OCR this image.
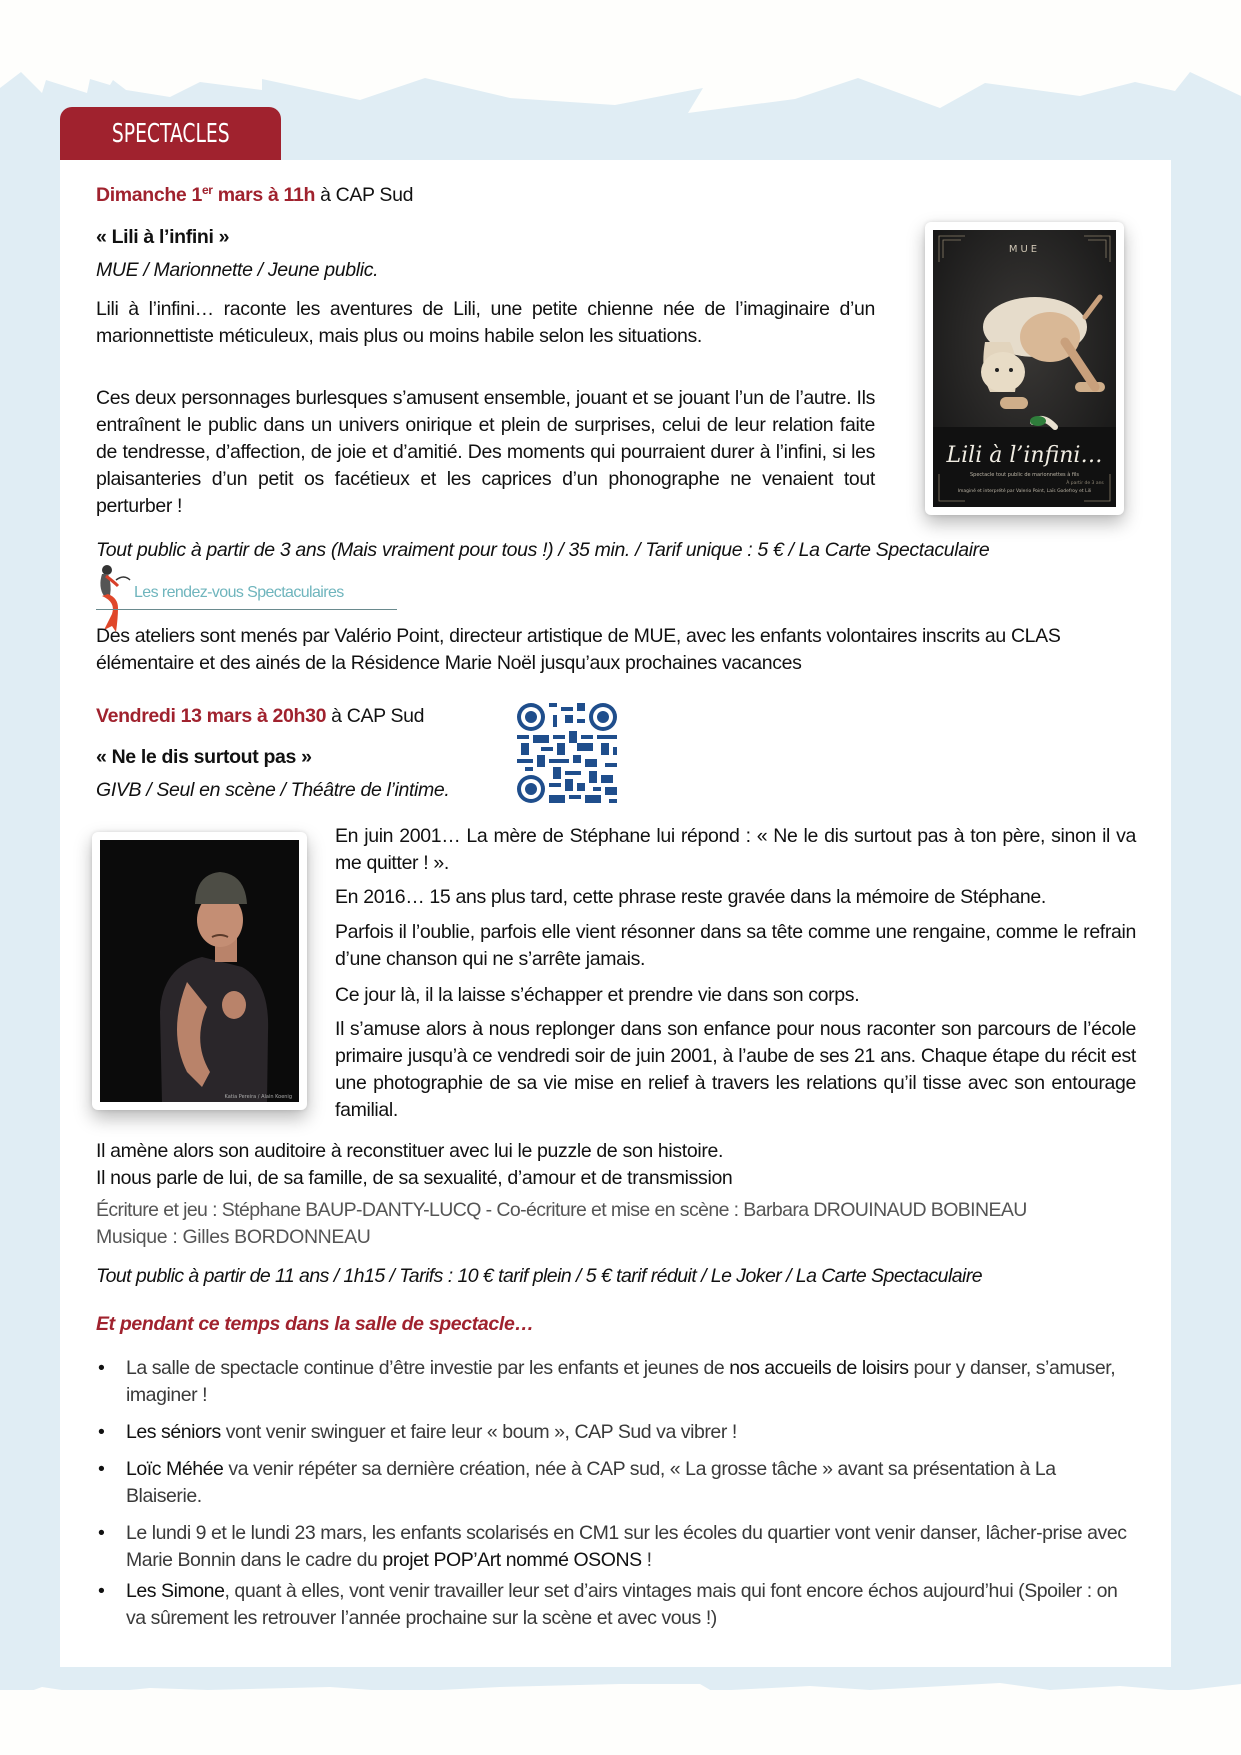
SPECTACLES
Dimanche 1er mars à 11h à CAP Sud
« Lili à l’infini »
MUE / Marionnette / Jeune public.
Lili à l’infini… raconte les aventures de Lili, une petite chienne née de l’imaginaire d’un marionnettiste méticuleux, mais plus ou moins habile selon les situations.
Ces deux personnages burlesques s’amusent ensemble, jouant et se jouant l’un de l’autre. Ils entraînent le public dans un univers onirique et plein de surprises, celui de leur relation faite de tendresse, d’affection, de joie et d’amitié. Des moments qui pourraient durer à l’infini, si les plaisanteries d’un petit os facétieux et les caprices d’un phonographe ne venaient tout perturber !
MUE
Lili à l’infini…
Spectacle tout public de marionnettes à fils
À partir de 3 ans
Imaginé et interprété par Valerio Point, Laïs Godefroy et Lili
Tout public à partir de 3 ans (Mais vraiment pour tous !) / 35 min. / Tarif unique : 5 € / La Carte Spectaculaire
Les rendez-vous Spectaculaires
Des ateliers sont menés par Valério Point, directeur artistique de MUE, avec les enfants volontaires inscrits au CLAS élémentaire et des ainés de la Résidence Marie Noël jusqu’aux prochaines vacances
Vendredi 13 mars à 20h30 à CAP Sud
« Ne le dis surtout pas »
GIVB / Seul en scène / Théâtre de l’intime.
Katia Pereira / Alain Koenig
En juin 2001… La mère de Stéphane lui répond : « Ne le dis surtout pas à ton père, sinon il va me quitter ! ».
En 2016… 15 ans plus tard, cette phrase reste gravée dans la mémoire de Stéphane.
Parfois il l’oublie, parfois elle vient résonner dans sa tête comme une rengaine, comme le refrain d’une chanson qui ne s’arrête jamais.
Ce jour là, il la laisse s’échapper et prendre vie dans son corps.
Il s’amuse alors à nous replonger dans son enfance pour nous raconter son parcours de l’école primaire jusqu’à ce vendredi soir de juin 2001, à l’aube de ses 21 ans. Chaque étape du récit est une photographie de sa vie mise en relief à travers les relations qu’il tisse avec son entourage familial.
Il amène alors son auditoire à reconstituer avec lui le puzzle de son histoire.
Il nous parle de lui, de sa famille, de sa sexualité, d’amour et de transmission
Écriture et jeu : Stéphane BAUP-DANTY-LUCQ - Co-écriture et mise en scène : Barbara DROUINAUD BOBINEAU
Musique : Gilles BORDONNEAU
Tout public à partir de 11 ans / 1h15 / Tarifs : 10 € tarif plein / 5 € tarif réduit / Le Joker / La Carte Spectaculaire
Et pendant ce temps dans la salle de spectacle…
• La salle de spectacle continue d’être investie par les enfants et jeunes de nos accueils de loisirs pour y danser, s’amuser, imaginer !
• Les séniors vont venir swinguer et faire leur « boum », CAP Sud va vibrer !
• Loïc Méhée va venir répéter sa dernière création, née à CAP sud, « La grosse tâche » avant sa présentation à La Blaiserie.
• Le lundi 9 et le lundi 23 mars, les enfants scolarisés en CM1 sur les écoles du quartier vont venir danser, lâcher-prise avec Marie Bonnin dans le cadre du projet POP’Art nommé OSONS !
• Les Simone, quant à elles, vont venir travailler leur set d’airs vintages mais qui font encore échos aujourd’hui (Spoiler : on va sûrement les retrouver l’année prochaine sur la scène et avec vous !)
